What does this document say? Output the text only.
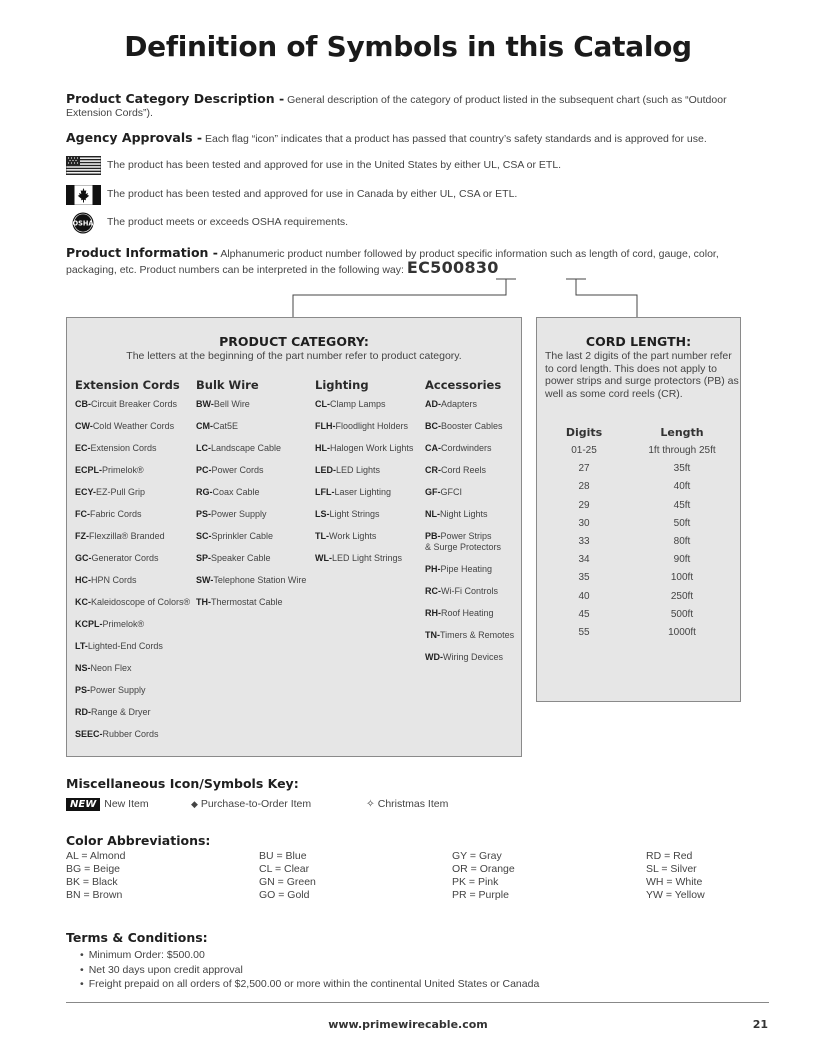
Definition of Symbols in this Catalog
Product Category Description - General description of the category of product listed in the subsequent chart (such as “Outdoor Extension Cords”).
Agency Approvals - Each flag “icon” indicates that a product has passed that country’s safety standards and is approved for use.
The product has been tested and approved for use in the United States by either UL, CSA or ETL.
The product has been tested and approved for use in Canada by either UL, CSA or ETL.
OSHA The product meets or exceeds OSHA requirements.
Product Information - Alphanumeric product number followed by product specific information such as length of cord, gauge, color, packaging, etc. Product numbers can be interpreted in the following way: EC500830
PRODUCT CATEGORY:
The letters at the beginning of the part number refer to product category.
Extension Cords
CB-Circuit Breaker Cords
CW-Cold Weather Cords
EC-Extension Cords
ECPL-Primelok®
ECY-EZ-Pull Grip
FC-Fabric Cords
FZ-Flexzilla® Branded
GC-Generator Cords
HC-HPN Cords
KC-Kaleidoscope of Colors®
KCPL-Primelok®
LT-Lighted-End Cords
NS-Neon Flex
PS-Power Supply
RD-Range & Dryer
SEEC-Rubber Cords
Bulk Wire
BW-Bell Wire
CM-Cat5E
LC-Landscape Cable
PC-Power Cords
RG-Coax Cable
PS-Power Supply
SC-Sprinkler Cable
SP-Speaker Cable
SW-Telephone Station Wire
TH-Thermostat Cable
Lighting
CL-Clamp Lamps
FLH-Floodlight Holders
HL-Halogen Work Lights
LED-LED Lights
LFL-Laser Lighting
LS-Light Strings
TL-Work Lights
WL-LED Light Strings
Accessories
AD-Adapters
BC-Booster Cables
CA-Cordwinders
CR-Cord Reels
GF-GFCI
NL-Night Lights
PB-Power Strips
& Surge Protectors
PH-Pipe Heating
RC-Wi-Fi Controls
RH-Roof Heating
TN-Timers & Remotes
WD-Wiring Devices
CORD LENGTH:
The last 2 digits of the part number refer to cord length. This does not apply to power strips and surge protectors (PB) as well as some cord reels (CR).
Digits	Length
01-25	1ft through 25ft
27	35ft
28	40ft
29	45ft
30	50ft
33	80ft
34	90ft
35	100ft
40	250ft
45	500ft
55	1000ft
Miscellaneous Icon/Symbols Key:
NEW New Item	◆ Purchase-to-Order Item	✧ Christmas Item
Color Abbreviations:
AL = Almond
BG = Beige
BK = Black
BN = Brown
BU = Blue
CL = Clear
GN = Green
GO = Gold
GY = Gray
OR = Orange
PK = Pink
PR = Purple
RD = Red
SL = Silver
WH = White
YW = Yellow
Terms & Conditions:
• Minimum Order: $500.00
• Net 30 days upon credit approval
• Freight prepaid on all orders of $2,500.00 or more within the continental United States or Canada
www.primewirecable.com	21
